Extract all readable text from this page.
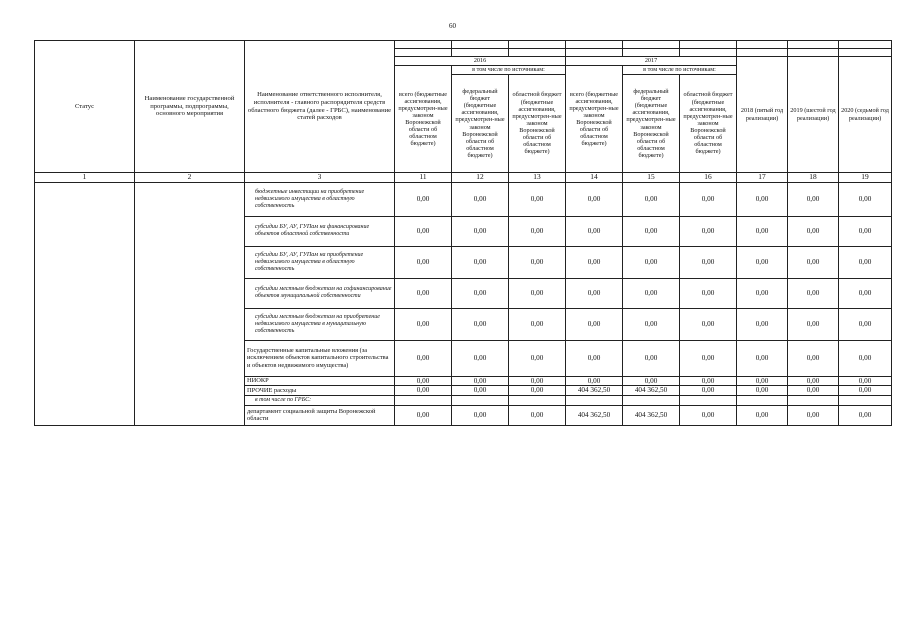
60
Статус	Наименование государственной программы, подпрограммы, основного мероприятия	Наименование ответственного исполнителя, исполнителя - главного распорядителя средств областного бюджета (далее - ГРБС), наименование статей расходов									

			2016			2017			2018 (пятый год реализации)	2019 (шестой год реализации)	2020 (седьмой год реализации)
			всего (бюджетные ассигнования, предусмотрен-ные законом Воронежской области об областном бюджете)	в том числе по источникам:		всего (бюджетные ассигнования, предусмотрен-ные законом Воронежской области об областном бюджете)	в том числе по источникам:				
				федеральный бюджет (бюджетные ассигнования, предусмотрен-ные законом Воронежской области об областном бюджете)	областной бюджет (бюджетные ассигнования, предусмотрен-ные законом Воронежской области об областном бюджете)		федеральный бюджет (бюджетные ассигнования, предусмотрен-ные законом Воронежской области об областном бюджете)	областной бюджет (бюджетные ассигнования, предусмотрен-ные законом Воронежской области об областном бюджете)			
1	2	3	11	12	13	14	15	16	17	18	19
		бюджетные инвестиции на приобретение недвижимого имущества в областную собственность	0,00	0,00	0,00	0,00	0,00	0,00	0,00	0,00	0,00
		субсидии БУ, АУ, ГУПам на финансирование объектов областной собственности	0,00	0,00	0,00	0,00	0,00	0,00	0,00	0,00	0,00
		субсидии БУ, АУ, ГУПам на приобретение недвижимого имущества в областную собственность	0,00	0,00	0,00	0,00	0,00	0,00	0,00	0,00	0,00
		субсидии местным бюджетам на софинансирование объектов муниципальной собственности	0,00	0,00	0,00	0,00	0,00	0,00	0,00	0,00	0,00
		субсидии местным бюджетам на приобретение недвижимого имущества в муниципальную собственность	0,00	0,00	0,00	0,00	0,00	0,00	0,00	0,00	0,00
		Государственные капитальные вложения (за исключением объектов капитального строительства и объектов недвижимого имущества)	0,00	0,00	0,00	0,00	0,00	0,00	0,00	0,00	0,00
		НИОКР	0,00	0,00	0,00	0,00	0,00	0,00	0,00	0,00	0,00
		ПРОЧИЕ расходы	0,00	0,00	0,00	404 362,50	404 362,50	0,00	0,00	0,00	0,00
		в том числе по ГРБС:									
		департамент социальной защиты Воронежской области	0,00	0,00	0,00	404 362,50	404 362,50	0,00	0,00	0,00	0,00
